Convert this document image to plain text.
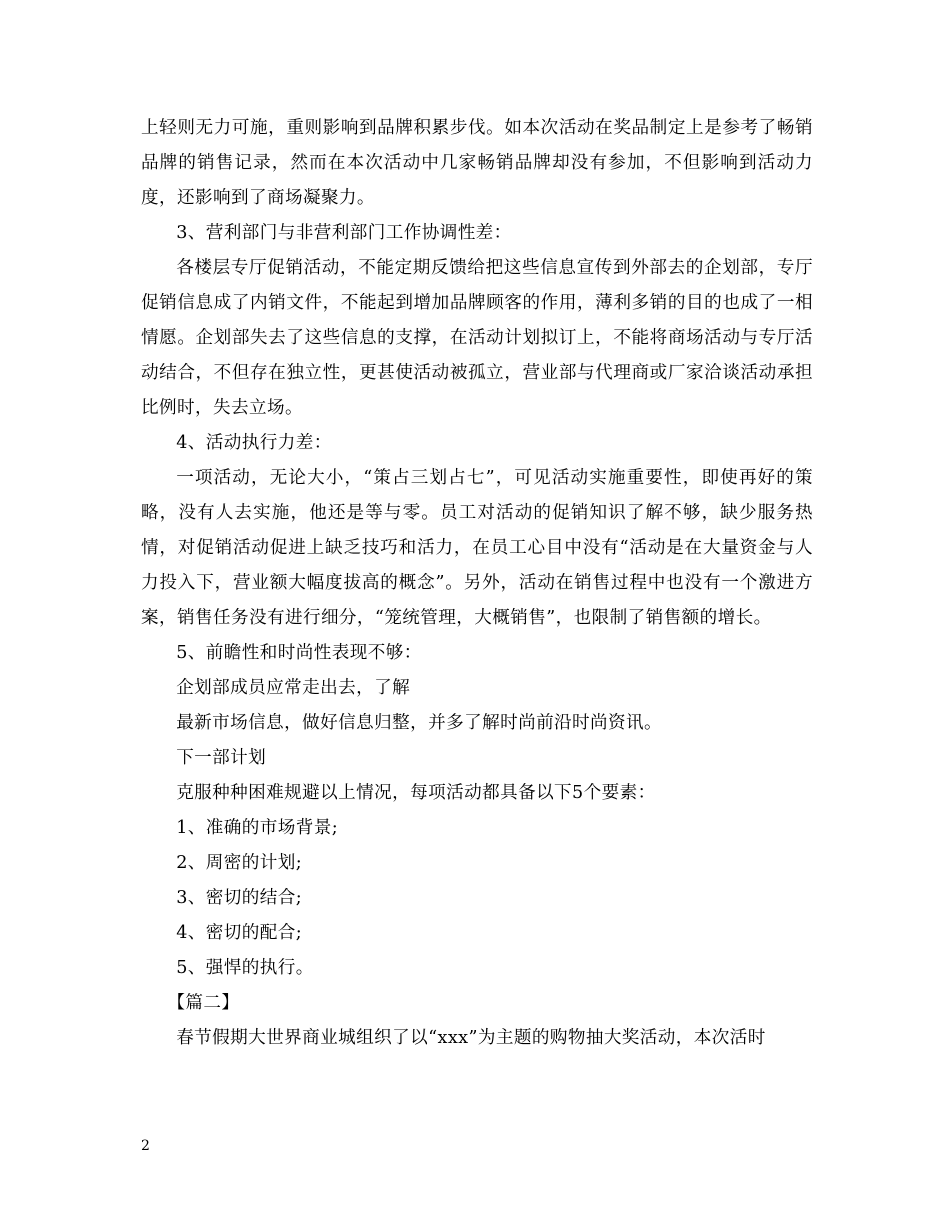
上轻则无力可施，重则影响到品牌积累步伐。如本次活动在奖品制定上是参考了畅销品牌的销售记录，然而在本次活动中几家畅销品牌却没有参加，不但影响到活动力度，还影响到了商场凝聚力。

3、营利部门与非营利部门工作协调性差：

各楼层专厅促销活动，不能定期反馈给把这些信息宣传到外部去的企划部，专厅促销信息成了内销文件，不能起到增加品牌顾客的作用，薄利多销的目的也成了一相情愿。企划部失去了这些信息的支撑，在活动计划拟订上，不能将商场活动与专厅活动结合，不但存在独立性，更甚使活动被孤立，营业部与代理商或厂家洽谈活动承担比例时，失去立场。

4、活动执行力差：

一项活动，无论大小，“策占三划占七”，可见活动实施重要性，即使再好的策略，没有人去实施，他还是等与零。员工对活动的促销知识了解不够，缺少服务热情，对促销活动促进上缺乏技巧和活力，在员工心目中没有“活动是在大量资金与人力投入下，营业额大幅度拔高的概念”。另外，活动在销售过程中也没有一个激进方案，销售任务没有进行细分，“笼统管理，大概销售”，也限制了销售额的增长。

5、前瞻性和时尚性表现不够：

企划部成员应常走出去，了解

最新市场信息，做好信息归整，并多了解时尚前沿时尚资讯。

下一部计划

克服种种困难规避以上情况，每项活动都具备以下5个要素：

1、准确的市场背景;

2、周密的计划;

3、密切的结合;

4、密切的配合;

5、强悍的执行。

【篇二】

春节假期大世界商业城组织了以“xxx”为主题的购物抽大奖活动，本次活时

2
